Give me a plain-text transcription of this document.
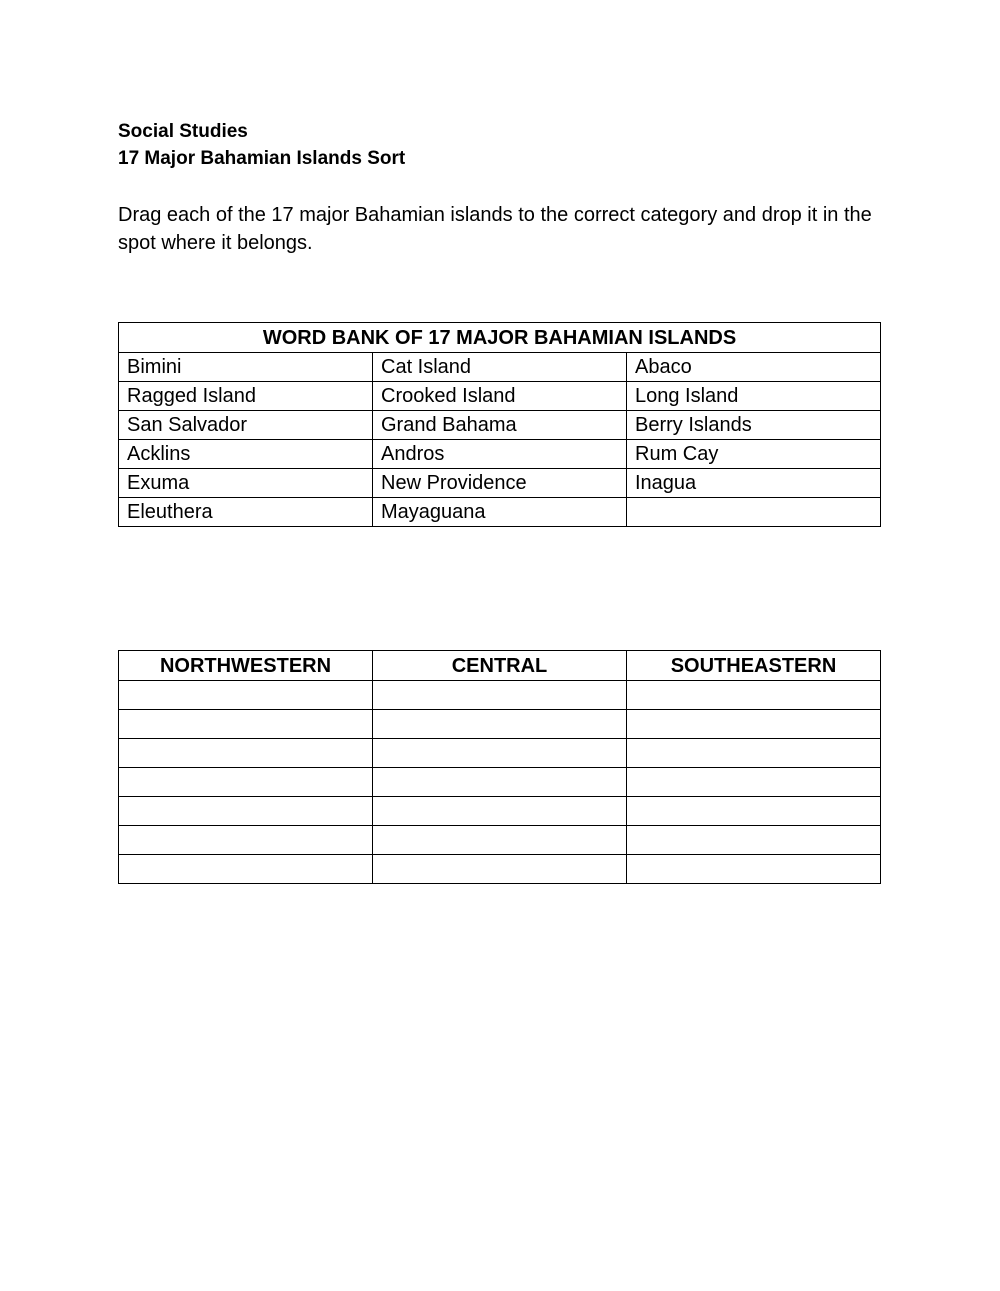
Social Studies

17 Major Bahamian Islands Sort

Drag each of the 17 major Bahamian islands to the correct category and drop it in the spot where it belongs.

WORD BANK OF 17 MAJOR BAHAMIAN ISLANDS		
Bimini	Cat Island	Abaco
Ragged Island	Crooked Island	Long Island
San Salvador	Grand Bahama	Berry Islands
Acklins	Andros	Rum Cay
Exuma	New Providence	Inagua
Eleuthera	Mayaguana	
NORTHWESTERN	CENTRAL	SOUTHEASTERN
